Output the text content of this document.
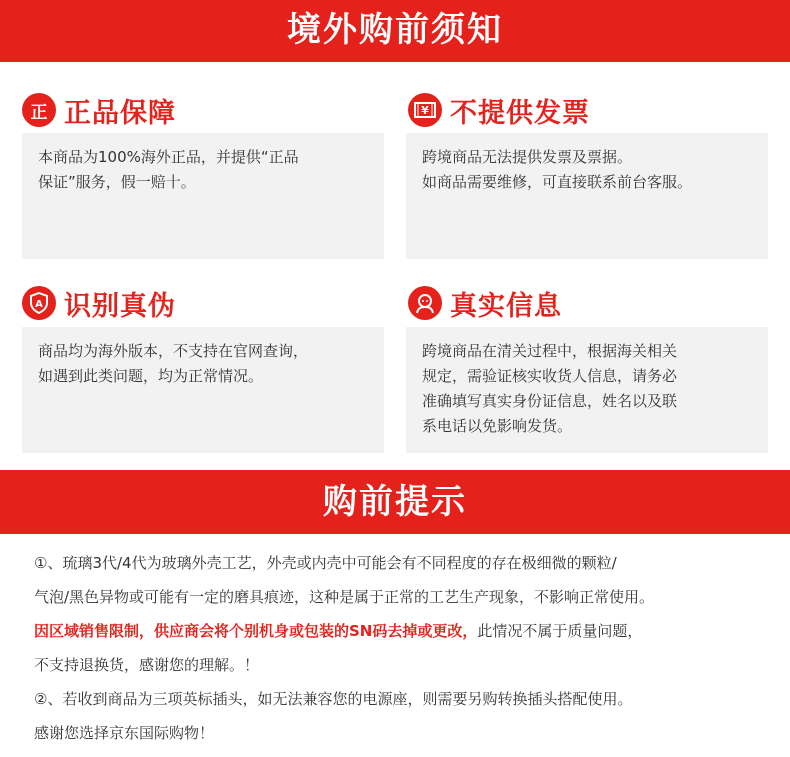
境外购前须知
正 正品保障

本商品为100%海外正品，并提供“正品

保证”服务，假一赔十。

¥ 不提供发票

跨境商品无法提供发票及票据。

如商品需要维修，可直接联系前台客服。

A 识别真伪

商品均为海外版本，不支持在官网查询，

如遇到此类问题，均为正常情况。

真实信息

跨境商品在清关过程中，根据海关相关

规定，需验证核实收货人信息，请务必

准确填写真实身份证信息，姓名以及联

系电话以免影响发货。

购前提示

①、琉璃3代/4代为玻璃外壳工艺，外壳或内壳中可能会有不同程度的存在极细微的颗粒/

气泡/黑色异物或可能有一定的磨具痕迹，这种是属于正常的工艺生产现象，不影响正常使用。

因区域销售限制，供应商会将个别机身或包装的SN码去掉或更改，此情况不属于质量问题，

不支持退换货，感谢您的理解。！

②、若收到商品为三项英标插头，如无法兼容您的电源座，则需要另购转换插头搭配使用。

感谢您选择京东国际购物！
